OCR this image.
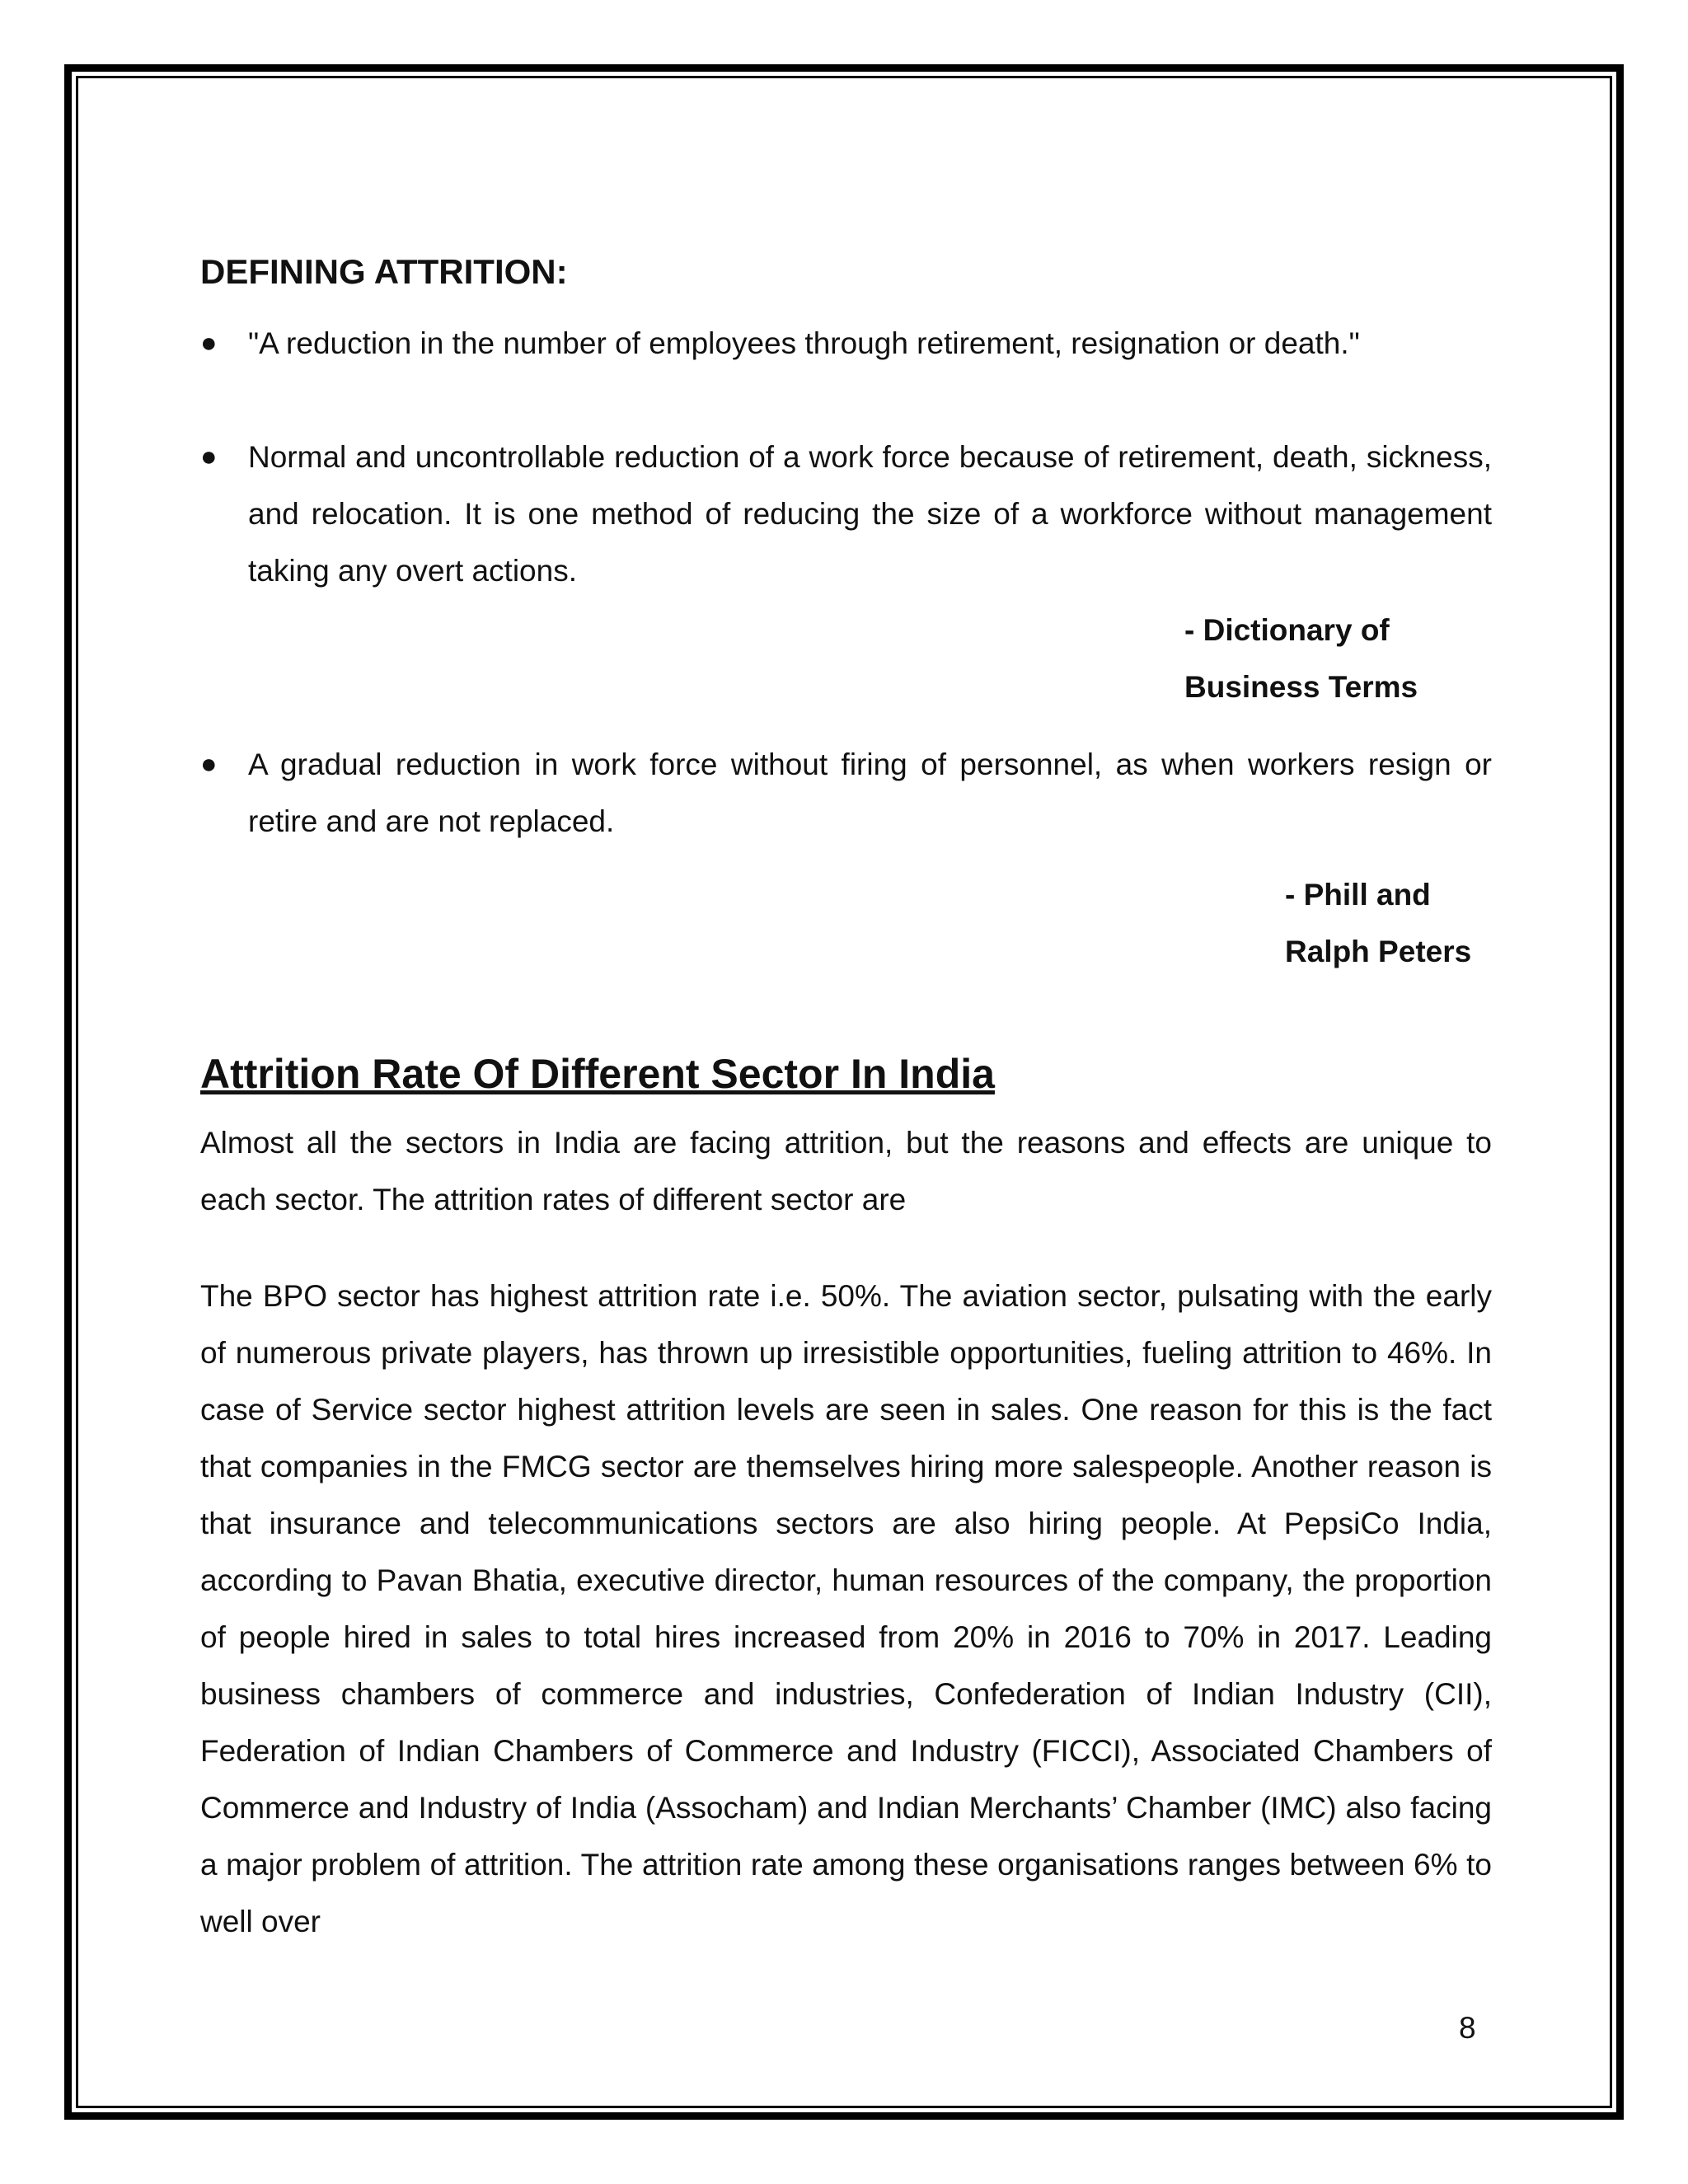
DEFINING ATTRITION:
● "A reduction in the number of employees through retirement, resignation or death."
● Normal and uncontrollable reduction of a work force because of retirement, death, sickness, and relocation. It is one method of reducing the size of a workforce without management taking any overt actions.
- Dictionary of Business Terms
● A gradual reduction in work force without firing of personnel, as when workers resign or retire and are not replaced.
- Phill and Ralph Peters
Attrition Rate Of Different Sector In India

Almost all the sectors in India are facing attrition, but the reasons and effects are unique to each sector. The attrition rates of different sector are

The BPO sector has highest attrition rate i.e. 50%. The aviation sector, pulsating with the early of numerous private players, has thrown up irresistible opportunities, fueling attrition to 46%. In case of Service sector highest attrition levels are seen in sales. One reason for this is the fact that companies in the FMCG sector are themselves hiring more salespeople. Another reason is that insurance and telecommunications sectors are also hiring people. At PepsiCo India, according to Pavan Bhatia, executive director, human resources of the company, the proportion of people hired in sales to total hires increased from 20% in 2016 to 70% in 2017. Leading business chambers of commerce and industries, Confederation of Indian Industry (CII), Federation of Indian Chambers of Commerce and Industry (FICCI), Associated Chambers of Commerce and Industry of India (Assocham) and Indian Merchants’ Chamber (IMC) also facing a major problem of attrition. The attrition rate among these organisations ranges between 6% to well over

8
